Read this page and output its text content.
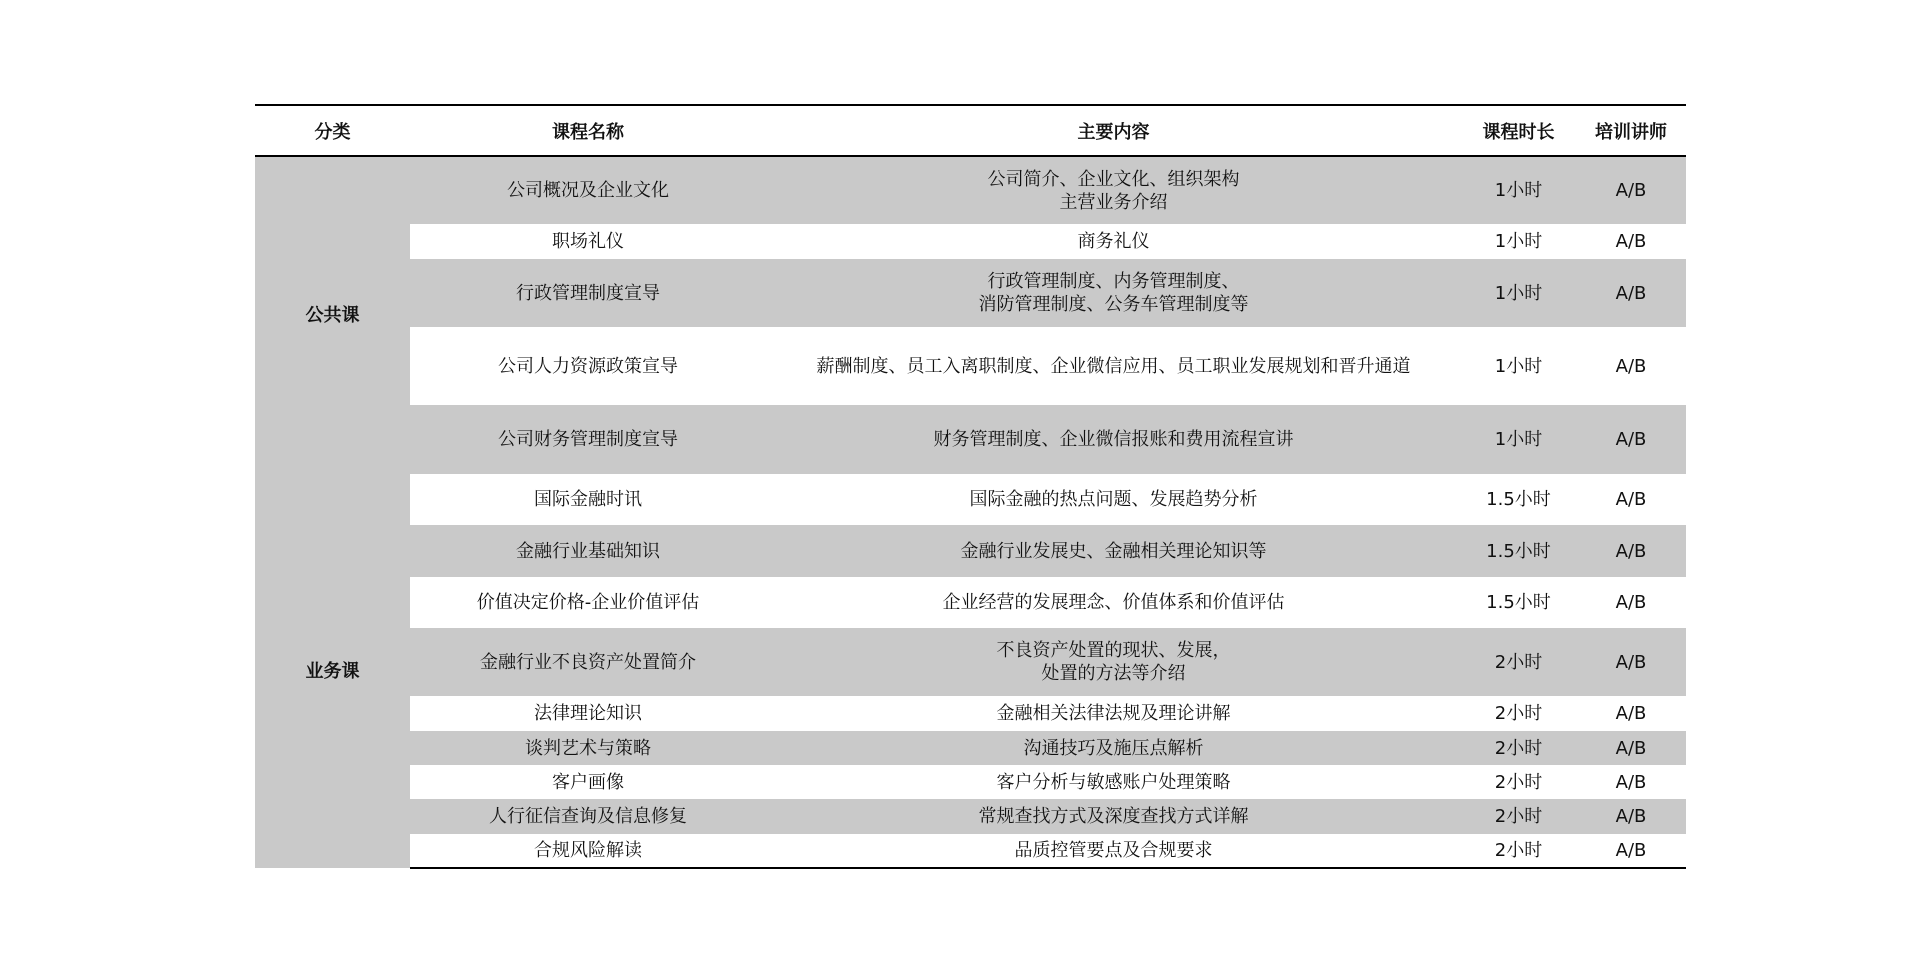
分类	课程名称	主要内容	课程时长	培训讲师
公共课	公司概况及企业文化	公司简介、企业文化、组织架构
主营业务介绍	1小时	A/B
	职场礼仪	商务礼仪	1小时	A/B
	行政管理制度宣导	行政管理制度、内务管理制度、
消防管理制度、公务车管理制度等	1小时	A/B
	公司人力资源政策宣导	薪酬制度、员工入离职制度、企业微信应用、员工职业发展规划和晋升通道	1小时	A/B
	公司财务管理制度宣导	财务管理制度、企业微信报账和费用流程宣讲	1小时	A/B
业务课	国际金融时讯	国际金融的热点问题、发展趋势分析	1.5小时	A/B
	金融行业基础知识	金融行业发展史、金融相关理论知识等	1.5小时	A/B
	价值决定价格-企业价值评估	企业经营的发展理念、价值体系和价值评估	1.5小时	A/B
	金融行业不良资产处置简介	不良资产处置的现状、发展，
处置的方法等介绍	2小时	A/B
	法律理论知识	金融相关法律法规及理论讲解	2小时	A/B
	谈判艺术与策略	沟通技巧及施压点解析	2小时	A/B
	客户画像	客户分析与敏感账户处理策略	2小时	A/B
	人行征信查询及信息修复	常规查找方式及深度查找方式详解	2小时	A/B
	合规风险解读	品质控管要点及合规要求	2小时	A/B
